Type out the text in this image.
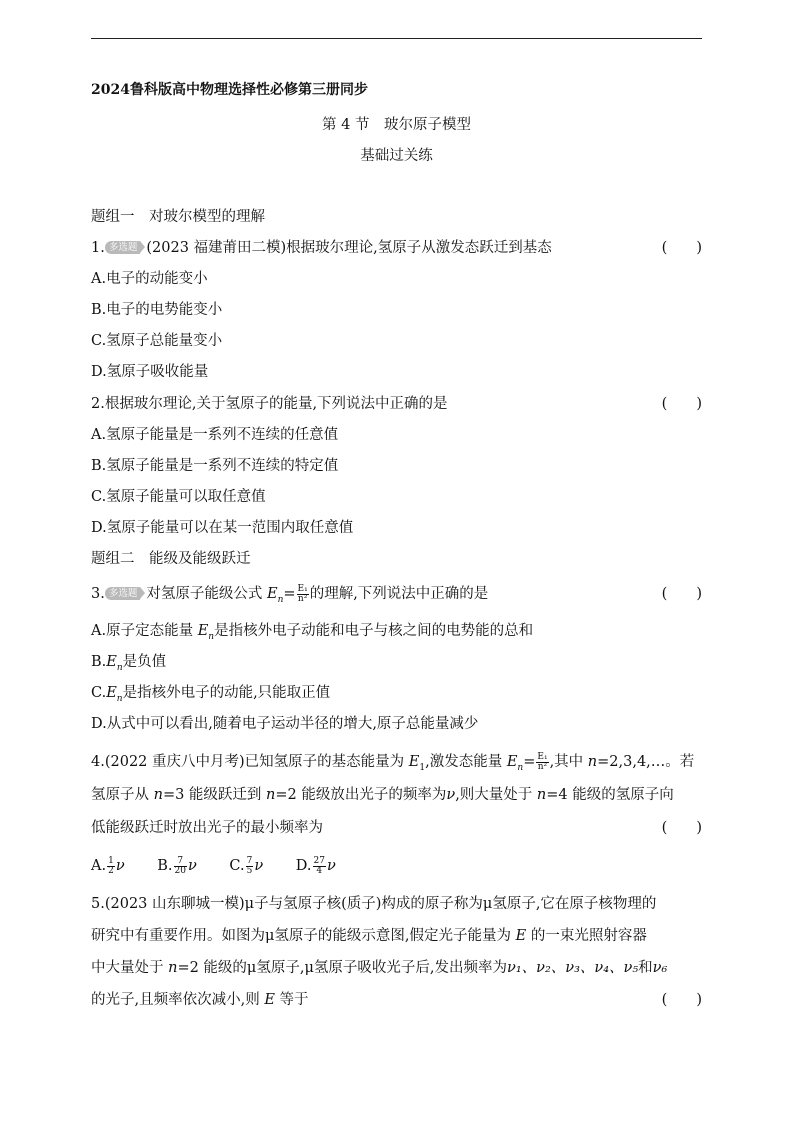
2024鲁科版高中物理选择性必修第三册同步
第 4 节　玻尔原子模型
基础过关练
题组一　对玻尔模型的理解
1. 多选题 (2023 福建莆田二模)根据玻尔理论,氢原子从激发态跃迁到基态	(　　)
A.电子的动能变小
B.电子的电势能变小
C.氢原子总能量变小
D.氢原子吸收能量
2.根据玻尔理论,关于氢原子的能量,下列说法中正确的是	(　　)
A.氢原子能量是一系列不连续的任意值
B.氢原子能量是一系列不连续的特定值
C.氢原子能量可以取任意值
D.氢原子能量可以在某一范围内取任意值
题组二　能级及能级跃迁
3. 多选题 对氢原子能级公式 $E_n= \frac{\text{E₁}}{\text{n²}}$ 的理解,下列说法中正确的是	(　　)
A.原子定态能量 $E_n$是指核外电子动能和电子与核之间的电势能的总和
$B.E_n$是负值
$C.E_n$是指核外电子的动能,只能取正值
D.从式中可以看出,随着电子运动半径的增大,原子总能量减少
4.(2022 重庆八中月考)已知氢原子的基态能量为 $E_1$,激发态能量 $E_n= \frac{\text{E₁}}{\text{n²}}$ ,其中 n=2,3,4,…。若
氢原子从 n=3 能级跃迁到 n=2 能级放出光子的频率为ν,则大量处于 n=4 能级的氢原子向
低能级跃迁时放出光子的最小频率为	(　　)
A. $\frac{1}{2}$ ν B. $\frac{7}{20}$ ν C. $\frac{7}{5}$ ν D. $\frac{27}{4}$ ν
5.(2023 山东聊城一模)μ子与氢原子核(质子)构成的原子称为μ氢原子,它在原子核物理的
研究中有重要作用。如图为μ氢原子的能级示意图,假定光子能量为 E 的一束光照射容器
中大量处于 n=2 能级的μ氢原子,μ氢原子吸收光子后,发出频率为ν₁、ν₂、ν₃、ν₄、ν₅和ν₆
的光子,且频率依次减小,则 E 等于	(　　)
